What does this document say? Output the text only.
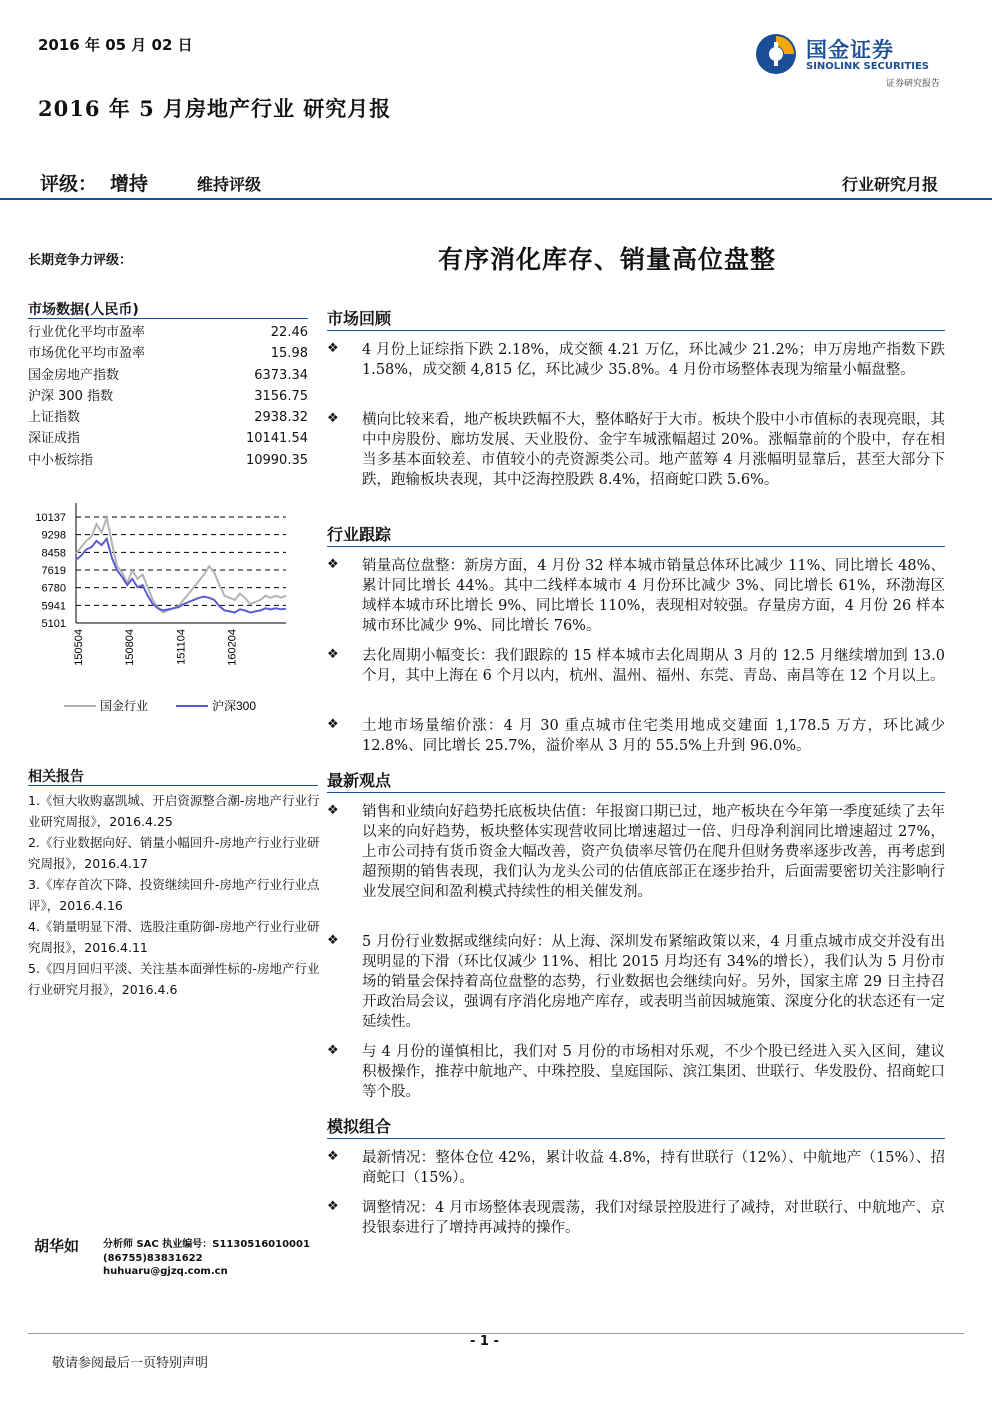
2016 年 05 月 02 日
2016 年 5 月房地产行业 研究月报
国金证券
SINOLINK SECURITIES
证券研究报告
评级： 增持	维持评级	行业研究月报
长期竞争力评级：
市场数据(人民币)
行业优化平均市盈率	22.46
市场优化平均市盈率	15.98
国金房地产指数	6373.34
沪深 300 指数	3156.75
上证指数	2938.32
深证成指	10141.54
中小板综指	10990.35
10137
9298
8458
7619
6780
5941
5101
150504	150804	151104	160204
国金行业	沪深300
相关报告
1.《恒大收购嘉凯城、开启资源整合潮-房地产行业行业研究周报》，2016.4.25
2.《行业数据向好、销量小幅回升-房地产行业行业研究周报》，2016.4.17
3.《库存首次下降、投资继续回升-房地产行业行业点评》，2016.4.16
4.《销量明显下滑、选股注重防御-房地产行业行业研究周报》，2016.4.11
5.《四月回归平淡、关注基本面弹性标的-房地产行业行业研究月报》，2016.4.6
胡华如 分析师 SAC 执业编号：S1130516010001
(86755)83831622
huhuaru@gjzq.com.cn
有序消化库存、销量高位盘整
市场回顾
❖ 4 月份上证综指下跌 2.18%，成交额 4.21 万亿，环比减少 21.2%；申万房地产指数下跌 1.58%，成交额 4,815 亿，环比减少 35.8%。4 月份市场整体表现为缩量小幅盘整。
❖ 横向比较来看，地产板块跌幅不大，整体略好于大市。板块个股中小市值标的表现亮眼，其中中房股份、廊坊发展、天业股份、金宇车城涨幅超过 20%。涨幅靠前的个股中，存在相当多基本面较差、市值较小的壳资源类公司。地产蓝筹 4 月涨幅明显靠后，甚至大部分下跌，跑输板块表现，其中泛海控股跌 8.4%，招商蛇口跌 5.6%。
行业跟踪
❖ 销量高位盘整：新房方面，4 月份 32 样本城市销量总体环比减少 11%、同比增长 48%、累计同比增长 44%。其中二线样本城市 4 月份环比减少 3%、同比增长 61%，环渤海区域样本城市环比增长 9%、同比增长 110%，表现相对较强。存量房方面，4 月份 26 样本城市环比减少 9%、同比增长 76%。
❖ 去化周期小幅变长：我们跟踪的 15 样本城市去化周期从 3 月的 12.5 月继续增加到 13.0 个月，其中上海在 6 个月以内，杭州、温州、福州、东莞、青岛、南昌等在 12 个月以上。
❖ 土地市场量缩价涨：4 月 30 重点城市住宅类用地成交建面 1,178.5 万方，环比减少 12.8%、同比增长 25.7%，溢价率从 3 月的 55.5%上升到 96.0%。
最新观点
❖ 销售和业绩向好趋势托底板块估值：年报窗口期已过，地产板块在今年第一季度延续了去年以来的向好趋势，板块整体实现营收同比增速超过一倍、归母净利润同比增速超过 27%，上市公司持有货币资金大幅改善，资产负债率尽管仍在爬升但财务费率逐步改善，再考虑到超预期的销售表现，我们认为龙头公司的估值底部正在逐步抬升，后面需要密切关注影响行业发展空间和盈利模式持续性的相关催发剂。
❖ 5 月份行业数据或继续向好：从上海、深圳发布紧缩政策以来，4 月重点城市成交并没有出现明显的下滑（环比仅减少 11%、相比 2015 月均还有 34%的增长），我们认为 5 月份市场的销量会保持着高位盘整的态势，行业数据也会继续向好。另外，国家主席 29 日主持召开政治局会议，强调有序消化房地产库存，或表明当前因城施策、深度分化的状态还有一定延续性。
❖ 与 4 月份的谨慎相比，我们对 5 月份的市场相对乐观，不少个股已经进入买入区间，建议积极操作，推荐中航地产、中珠控股、皇庭国际、滨江集团、世联行、华发股份、招商蛇口等个股。
模拟组合
❖ 最新情况：整体仓位 42%，累计收益 4.8%，持有世联行（12%）、中航地产（15%）、招商蛇口（15%）。
❖ 调整情况：4 月市场整体表现震荡，我们对绿景控股进行了减持，对世联行、中航地产、京投银泰进行了增持再减持的操作。
- 1 -
敬请参阅最后一页特别声明
